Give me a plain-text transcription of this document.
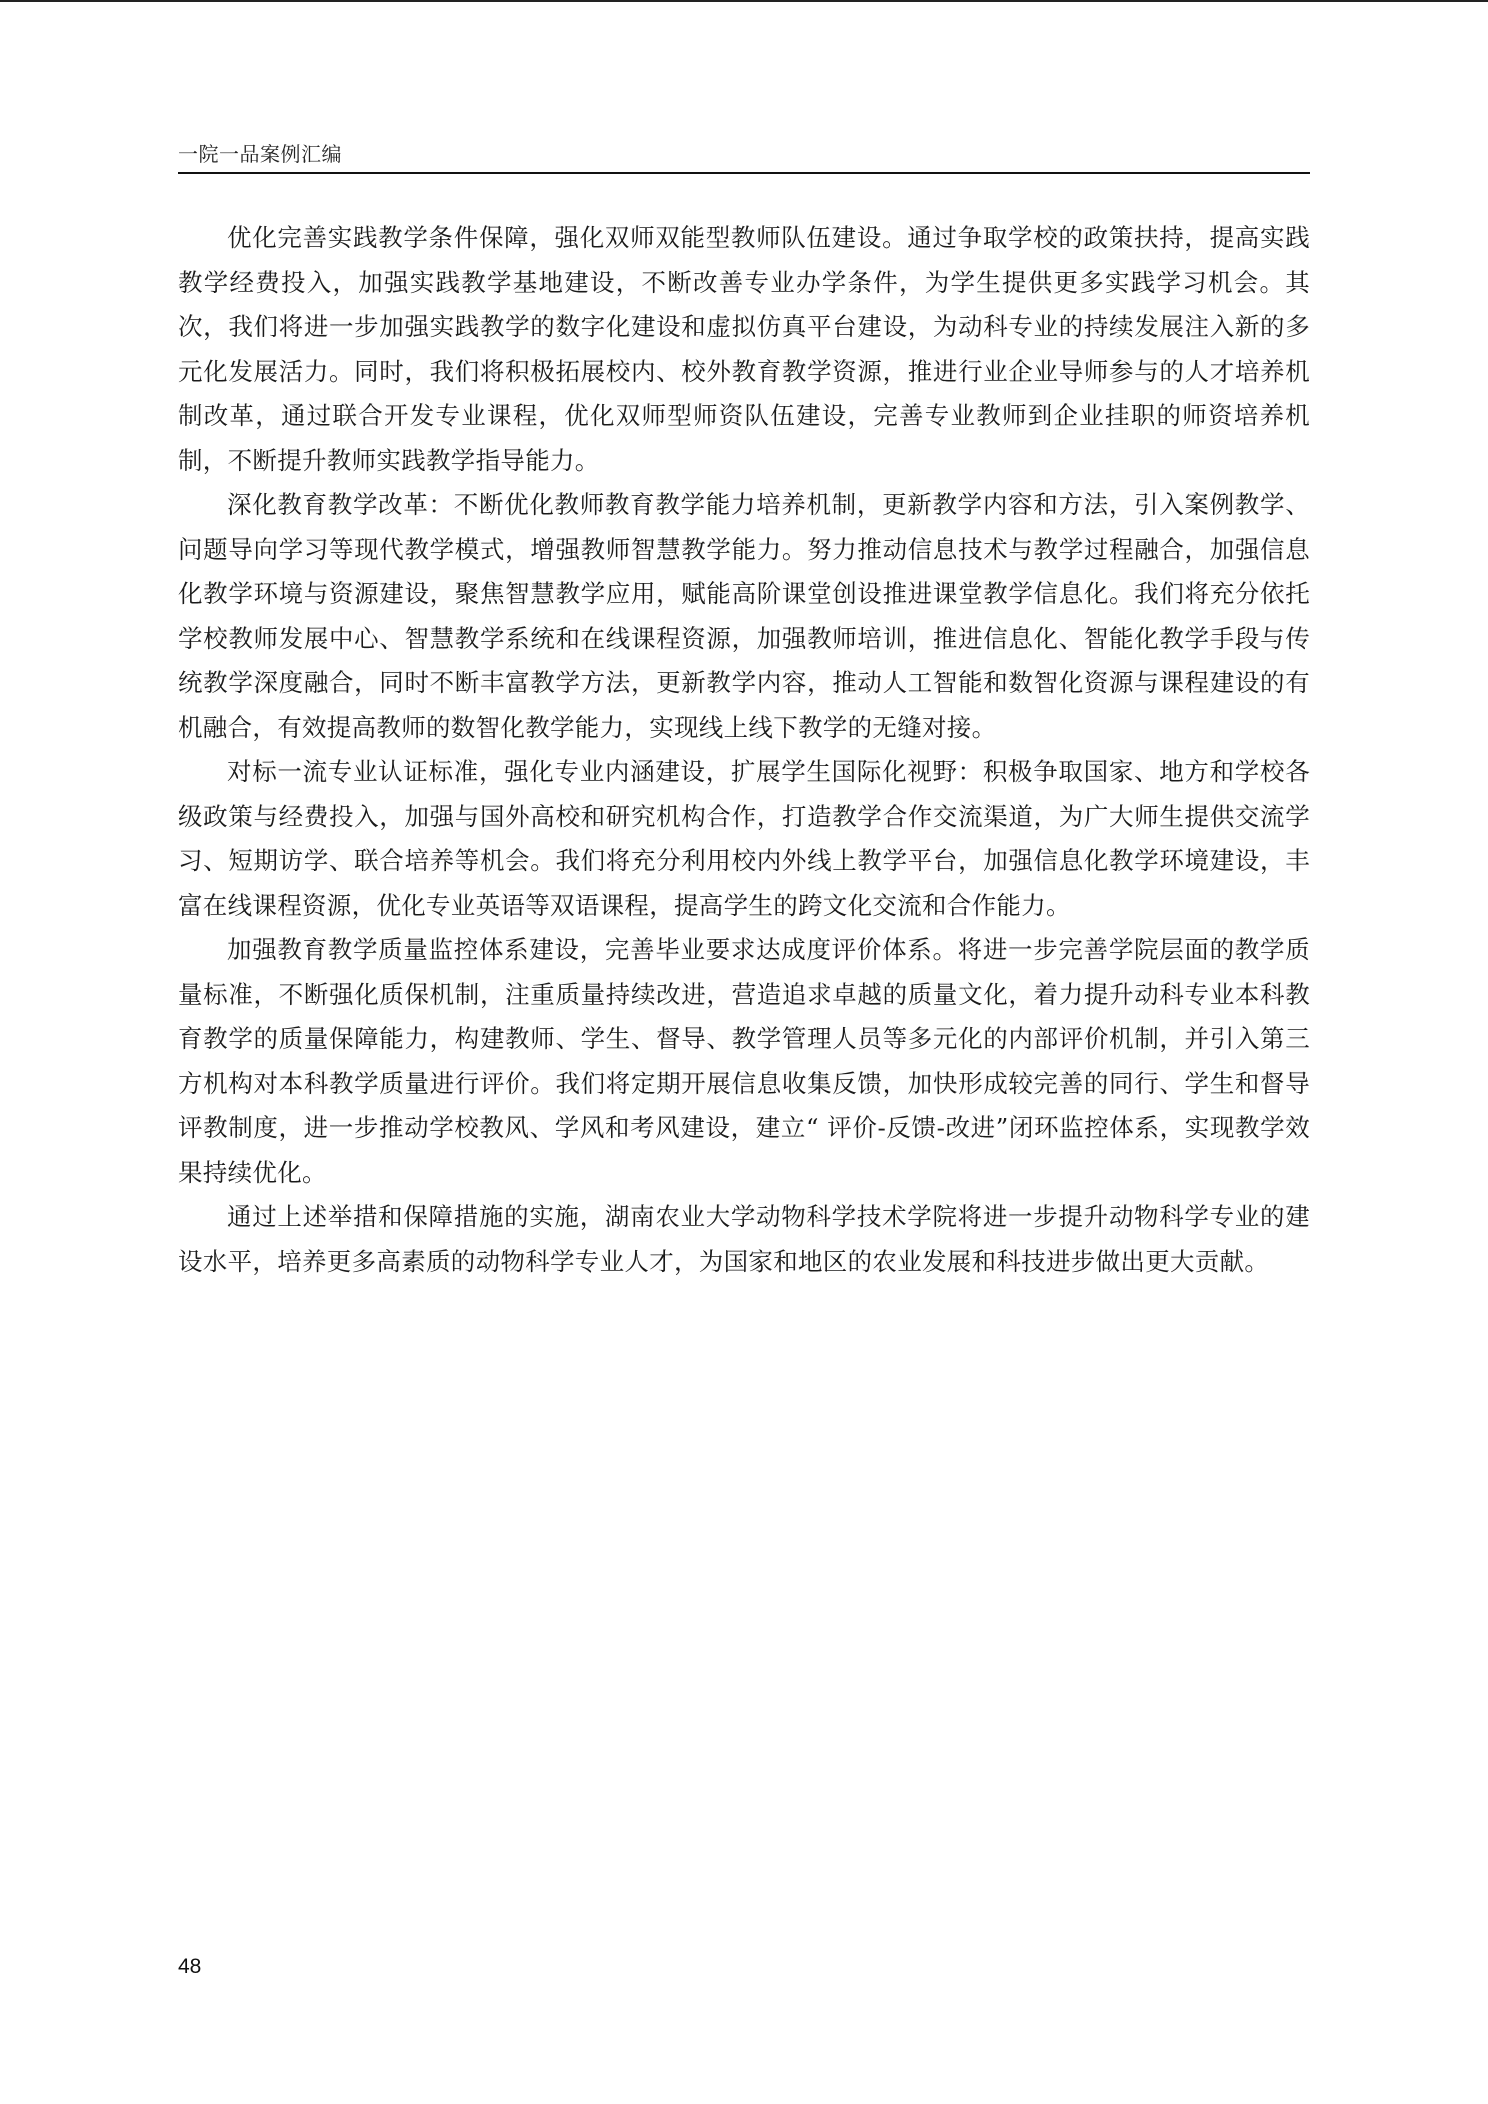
一院一品案例汇编

优化完善实践教学条件保障，强化双师双能型教师队伍建设。通过争取学校的政策扶持，提高实践教学经费投入，加强实践教学基地建设，不断改善专业办学条件，为学生提供更多实践学习机会。其次，我们将进一步加强实践教学的数字化建设和虚拟仿真平台建设，为动科专业的持续发展注入新的多元化发展活力。同时，我们将积极拓展校内、校外教育教学资源，推进行业企业导师参与的人才培养机制改革，通过联合开发专业课程，优化双师型师资队伍建设，完善专业教师到企业挂职的师资培养机制，不断提升教师实践教学指导能力。

深化教育教学改革：不断优化教师教育教学能力培养机制，更新教学内容和方法，引入案例教学、问题导向学习等现代教学模式，增强教师智慧教学能力。努力推动信息技术与教学过程融合，加强信息化教学环境与资源建设，聚焦智慧教学应用，赋能高阶课堂创设推进课堂教学信息化。我们将充分依托学校教师发展中心、智慧教学系统和在线课程资源，加强教师培训，推进信息化、智能化教学手段与传统教学深度融合，同时不断丰富教学方法，更新教学内容，推动人工智能和数智化资源与课程建设的有机融合，有效提高教师的数智化教学能力，实现线上线下教学的无缝对接。

对标一流专业认证标准，强化专业内涵建设，扩展学生国际化视野：积极争取国家、地方和学校各级政策与经费投入，加强与国外高校和研究机构合作，打造教学合作交流渠道，为广大师生提供交流学习、短期访学、联合培养等机会。我们将充分利用校内外线上教学平台，加强信息化教学环境建设，丰富在线课程资源，优化专业英语等双语课程，提高学生的跨文化交流和合作能力。

加强教育教学质量监控体系建设，完善毕业要求达成度评价体系。将进一步完善学院层面的教学质量标准，不断强化质保机制，注重质量持续改进，营造追求卓越的质量文化，着力提升动科专业本科教育教学的质量保障能力，构建教师、学生、督导、教学管理人员等多元化的内部评价机制，并引入第三方机构对本科教学质量进行评价。我们将定期开展信息收集反馈，加快形成较完善的同行、学生和督导评教制度，进一步推动学校教风、学风和考风建设，建立“ 评价-反馈-改进”闭环监控体系，实现教学效果持续优化。

通过上述举措和保障措施的实施，湖南农业大学动物科学技术学院将进一步提升动物科学专业的建设水平，培养更多高素质的动物科学专业人才，为国家和地区的农业发展和科技进步做出更大贡献。

48
